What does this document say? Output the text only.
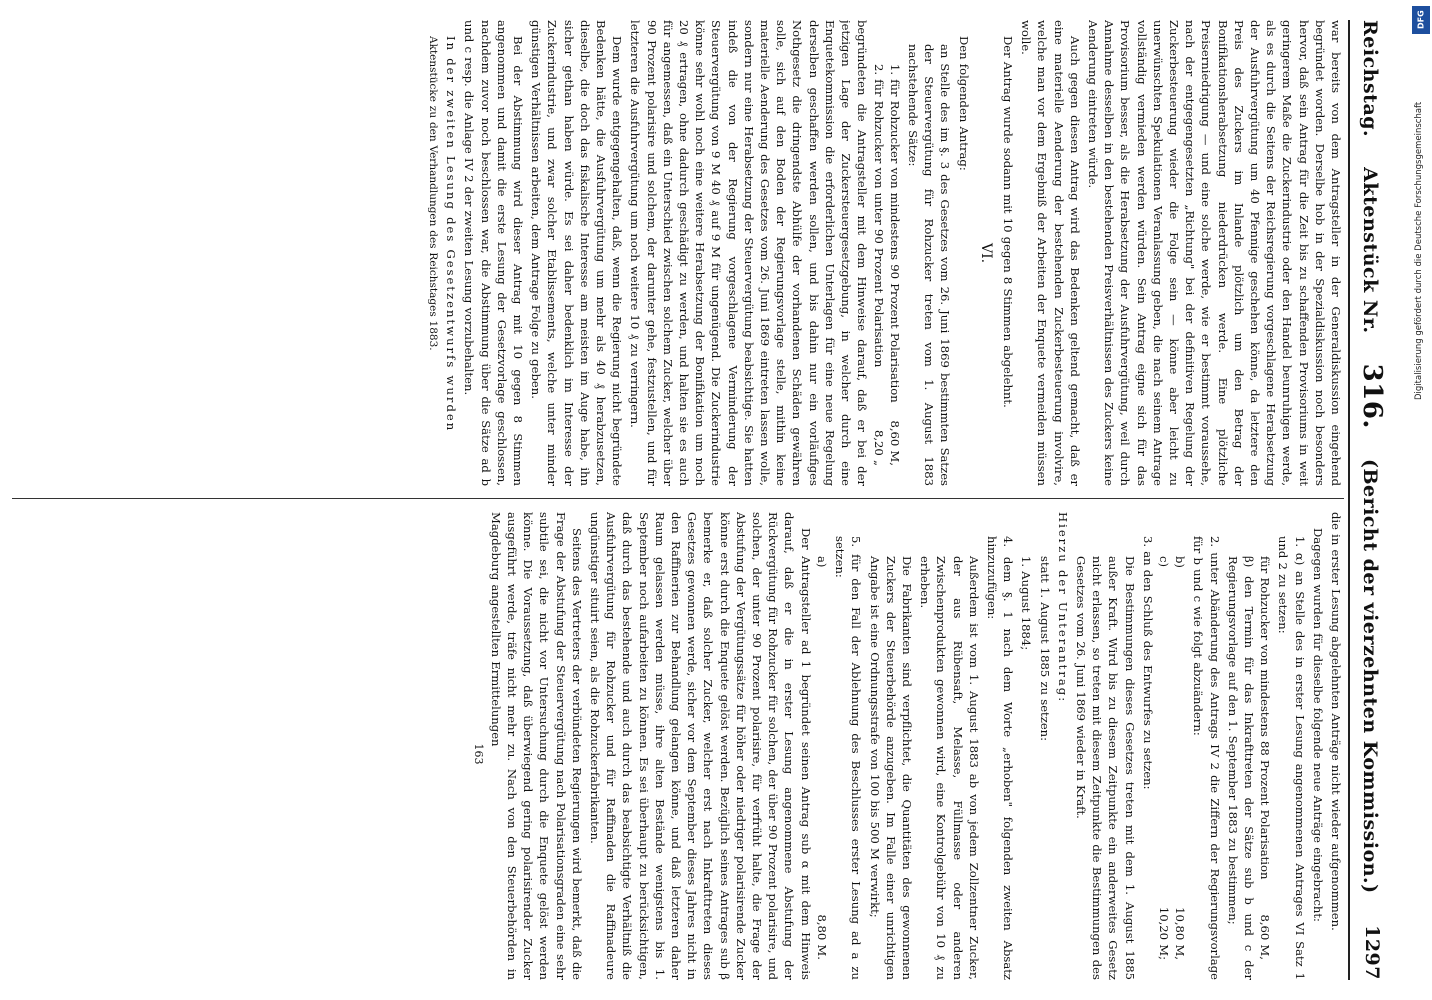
Reichstag.
Aktenstück Nr.
316.
(Bericht der vierzehnten Kommission.)
1297

war bereits von dem Antragsteller in der Generaldiskussion eingehend begründet worden. Derselbe hob in der Spezialdiskussion noch besonders hervor, daß sein Antrag für die Zeit bis zu schaffenden Provisoriums in weit geringerem Maße die Zuckerindustrie oder den Handel beunruhigen werde, als es durch die Seitens der Reichsregierung vorgeschlagene Herabsetzung der Ausfuhrvergütung um 40 Pfennige geschehen könne, da letztere den Preis des Zuckers im Inlande plötzlich um den Betrag der Bonifikationsherabsetzung niederdrücken werde. Eine plötzliche Preiserniedrigung — und eine solche werde, wie er bestimmt voraussehe, nach der entgegengesetzten „Richtung" bei der definitiven Regelung der Zuckerbesteuerung wieder die Folge sein — könne aber leicht zu unerwünschten Spekulationen Veranlassung geben, die nach seinem Antrage vollständig vermieden werden würden. Sein Antrag eigne sich für das Provisorium besser, als die Herabsetzung der Ausfuhrvergütung, weil durch Annahme desselben in den bestehenden Preisverhältnissen des Zuckers keine Aenderung eintreten würde.

Auch gegen diesen Antrag wird das Bedenken geltend gemacht, daß er eine materielle Aenderung der bestehenden Zuckerbesteuerung involvire, welche man vor dem Ergebniß der Arbeiten der Enquete vermeiden müssen wolle.

Der Antrag wurde sodann mit 10 gegen 8 Stimmen abgelehnt.

VI.

Den folgenden Antrag:

an Stelle des im §. 3 des Gesetzes vom 26. Juni 1869 bestimmten Satzes der Steuervergütung für Rohzucker treten vom 1. August 1883 nachstehende Sätze:

1. für Rohzucker von mindestens 90 Prozent Polarisation
8,60 M,
2. für Rohzucker von unter 90 Prozent Polarisation
8,20 „

begründeten die Antragsteller mit dem Hinweise darauf, daß er bei der jetzigen Lage der Zuckersteuergesetzgebung, in welcher durch eine Enquetekommission die erforderlichen Unterlagen für eine neue Regelung derselben geschaffen werden sollen, und bis dahin nur ein vorläufiges Nothgesetz die dringendste Abhülfe der vorhandenen Schäden gewähren solle, sich auf den Boden der Regierungsvorlage stelle, mithin keine materielle Aenderung des Gesetzes vom 26. Juni 1869 eintreten lassen wolle, sondern nur eine Herabsetzung der Steuervergütung beabsichtige. Sie hatten indeß die von der Regierung vorgeschlagene Verminderung der Steuervergütung von 9 M 40 ₰ auf 9 M für ungenügend. Die Zuckerindustrie könne sehr wohl noch eine weitere Herabsetzung der Bonifikation um noch 20 ₰ ertragen, ohne dadurch geschädigt zu werden, und halten sie es auch für angemessen, daß ein Unterschied zwischen solchem Zucker, welcher über 90 Prozent polarisire und solchem, der darunter gehe, festzustellen, und für letzteren die Ausfuhrvergütung um noch weitere 10 ₰ zu verringern.

Dem wurde entgegengehalten, daß, wenn die Regierung nicht begründete Bedenken hätte, die Ausfuhrvergütung um mehr als 40 ₰ herabzusetzen, dieselbe, die doch das fiskalische Interesse am meisten im Auge habe, ihn sicher gethan haben würde. Es sei daher bedenklich im Interesse der Zuckerindustrie, und zwar solcher Etablissements, welche unter minder günstigen Verhältnissen arbeiten, dem Antrage Folge zu geben.

Bei der Abstimmung wird dieser Antrag mit 10 gegen 8 Stimmen angenommen und damit die erste Lesung der Gesetzvorlage geschlossen, nachdem zuvor noch beschlossen war, die Abstimmung über die Sätze ad b und c resp. die Anlage IV 2 der zweiten Lesung vorzubehalten.

In der zweiten Lesung des Gesetzentwurfs wurden

Aktenstücke zu den Verhandlungen des Reichstages 1883.

die in erster Lesung abgelehnten Anträge nicht wieder aufgenommen.

Dagegen wurden für dieselbe folgende neue Anträge eingebracht:

1. α) an Stelle des in erster Lesung angenommenen Antrages VI Satz 1 und 2 zu setzen:

für Rohzucker von mindestens 88 Prozent Polarisation
8,60 M,

β) den Termin für das Inkrafttreten der Sätze sub b und c der Regierungsvorlage auf den 1. September 1883 zu bestimmen;

2. unter Abänderung des Antrags IV 2 die Ziffern der Regierungsvorlage für b und c wie folgt abzuändern:

b)
10,80 M,
c)
10,20 M;

3. an den Schluß des Entwurfes zu setzen:

Die Bestimmungen dieses Gesetzes treten mit dem 1. August 1885 außer Kraft. Wird bis zu diesem Zeitpunkte ein anderweites Gesetz nicht erlassen, so treten mit diesem Zeitpunkte die Bestimmungen des Gesetzes vom 26. Juni 1869 wieder in Kraft.

Hierzu der Unterantrag:

statt 1. August 1885 zu setzen:

1. August 1884;

4. dem §. 1 nach dem Worte „erhoben" folgenden zweiten Absatz hinzuzufügen:

Außerdem ist vom 1. August 1883 ab von jedem Zollzentner Zucker, der aus Rübensaft, Melasse, Füllmasse oder anderen Zwischenprodukten gewonnen wird, eine Kontrolgebühr von 10 ₰ zu erheben.

Die Fabrikanten sind verpflichtet, die Quantitäten des gewonnenen Zuckers der Steuerbehörde anzugeben. Im Falle einer unrichtigen Angabe ist eine Ordnungsstrafe von 100 bis 500 M verwirkt;

5. für den Fall der Ablehnung des Beschlusses erster Lesung ad a zu setzen:

a)
8,80 M.

Der Antragsteller ad 1 begründet seinen Antrag sub α mit dem Hinweis darauf, daß er die in erster Lesung angenommene Abstufung der Rückvergütung für Rohzucker für solchen, der über 90 Prozent polarisire, und solchen, der unter 90 Prozent polarisire, für verfrüht halte, die Frage der Abstufung der Vergütungssätze für höher oder niedriger polarisirende Zucker könne erst durch die Enquete gelöst werden. Bezüglich seines Antrages sub β bemerke er, daß solcher Zucker, welcher erst nach Inkrafttreten dieses Gesetzes gewonnen werde, sicher vor dem September dieses Jahres nicht in den Raffinerien zur Behandlung gelangen könne, und daß letzteren daher Raum gelassen werden müsse, ihre alten Bestände wenigstens bis 1. September noch aufarbeiten zu können. Es sei überhaupt zu berücksichtigen, daß durch das bestehende und auch durch das beabsichtigte Verhältniß die Ausfuhrvergütung für Rohzucker und für Raffinaden die Raffinadeure ungünstiger situirt seien, als die Rohzuckerfabrikanten.

Seitens des Vertreters der verbündeten Regierungen wird bemerkt, daß die Frage der Abstufung der Steuervergütung nach Polarisationsgraden eine sehr subtile sei, die nicht vor Untersuchung durch die Enquete gelöst werden könne. Die Voraussetzung, daß überwiegend gering polarisirender Zucker ausgeführt werde, träfe nicht mehr zu. Nach von den Steuerbehörden in Magdeburg angestellten Ermittelungen

163

DFG
Digitalisierung gefördert durch die Deutsche Forschungsgemeinschaft
